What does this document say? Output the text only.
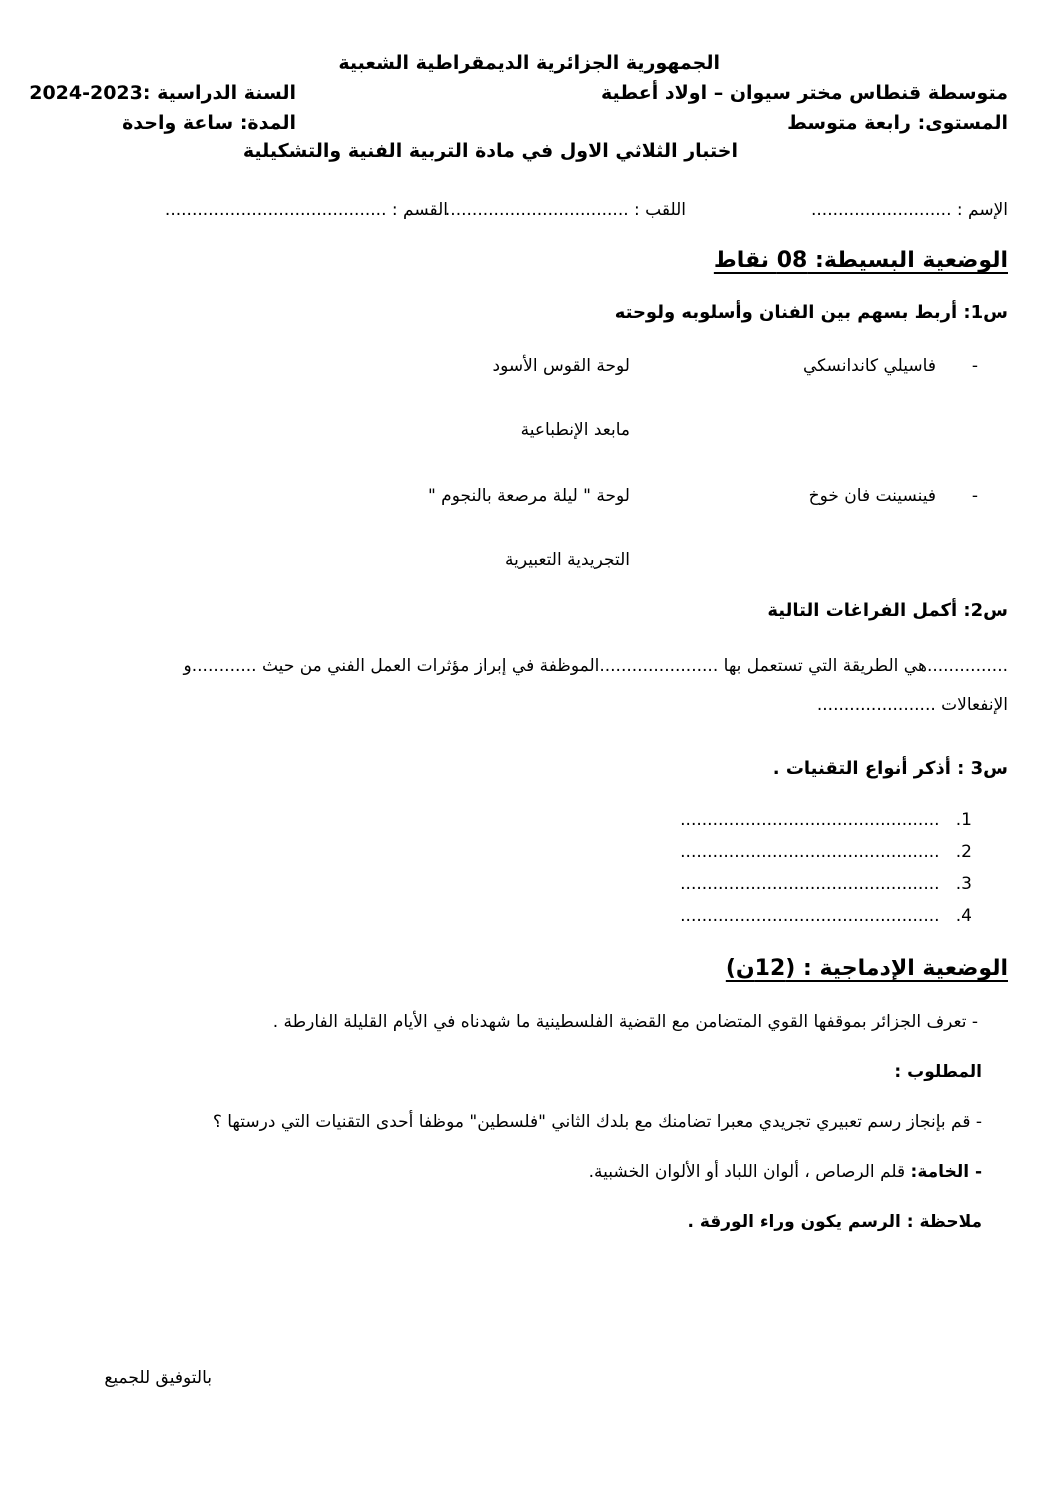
الجمهورية الجزائرية الديمقراطية الشعبية
متوسطة قنطاس مختر سيوان – اولاد أعطية
السنة الدراسية :2024-2023
المستوى: رابعة متوسط
المدة: ساعة واحدة
اختبار الثلاثي الاول في مادة التربية الفنية والتشكيلية
الإسم : ..........................
اللقب : ..................................
القسم : .........................................
الوضعية البسيطة: 08 نقاط
س1: أربط بسهم بين الفنان وأسلوبه ولوحته
-
فاسيلي كاندانسكي
لوحة القوس الأسود
مابعد الإنطباعية
-
فينسينت فان خوخ
لوحة " ليلة مرصعة بالنجوم "
التجريدية التعبيرية
س2: أكمل الفراغات التالية
...............هي الطريقة التي تستعمل بها ......................الموظفة في إبراز مؤثرات العمل الفني من حيث ............و
الإنفعالات ......................
س3 : أذكر أنواع التقنيات .
1.   ................................................
2.   ................................................
3.   ................................................
4.   ................................................
الوضعية الإدماجية : (12ن)
- تعرف الجزائر بموقفها القوي المتضامن مع القضية الفلسطينية ما شهدناه في الأيام القليلة الفارطة .
المطلوب :
- قم بإنجاز رسم تعبيري تجريدي معبرا تضامنك مع بلدك الثاني "فلسطين" موظفا أحدى التقنيات التي درستها ؟
- الخامة: قلم الرصاص ، ألوان اللباد أو الألوان الخشبية.
ملاحظة : الرسم يكون وراء الورقة .
بالتوفيق للجميع
